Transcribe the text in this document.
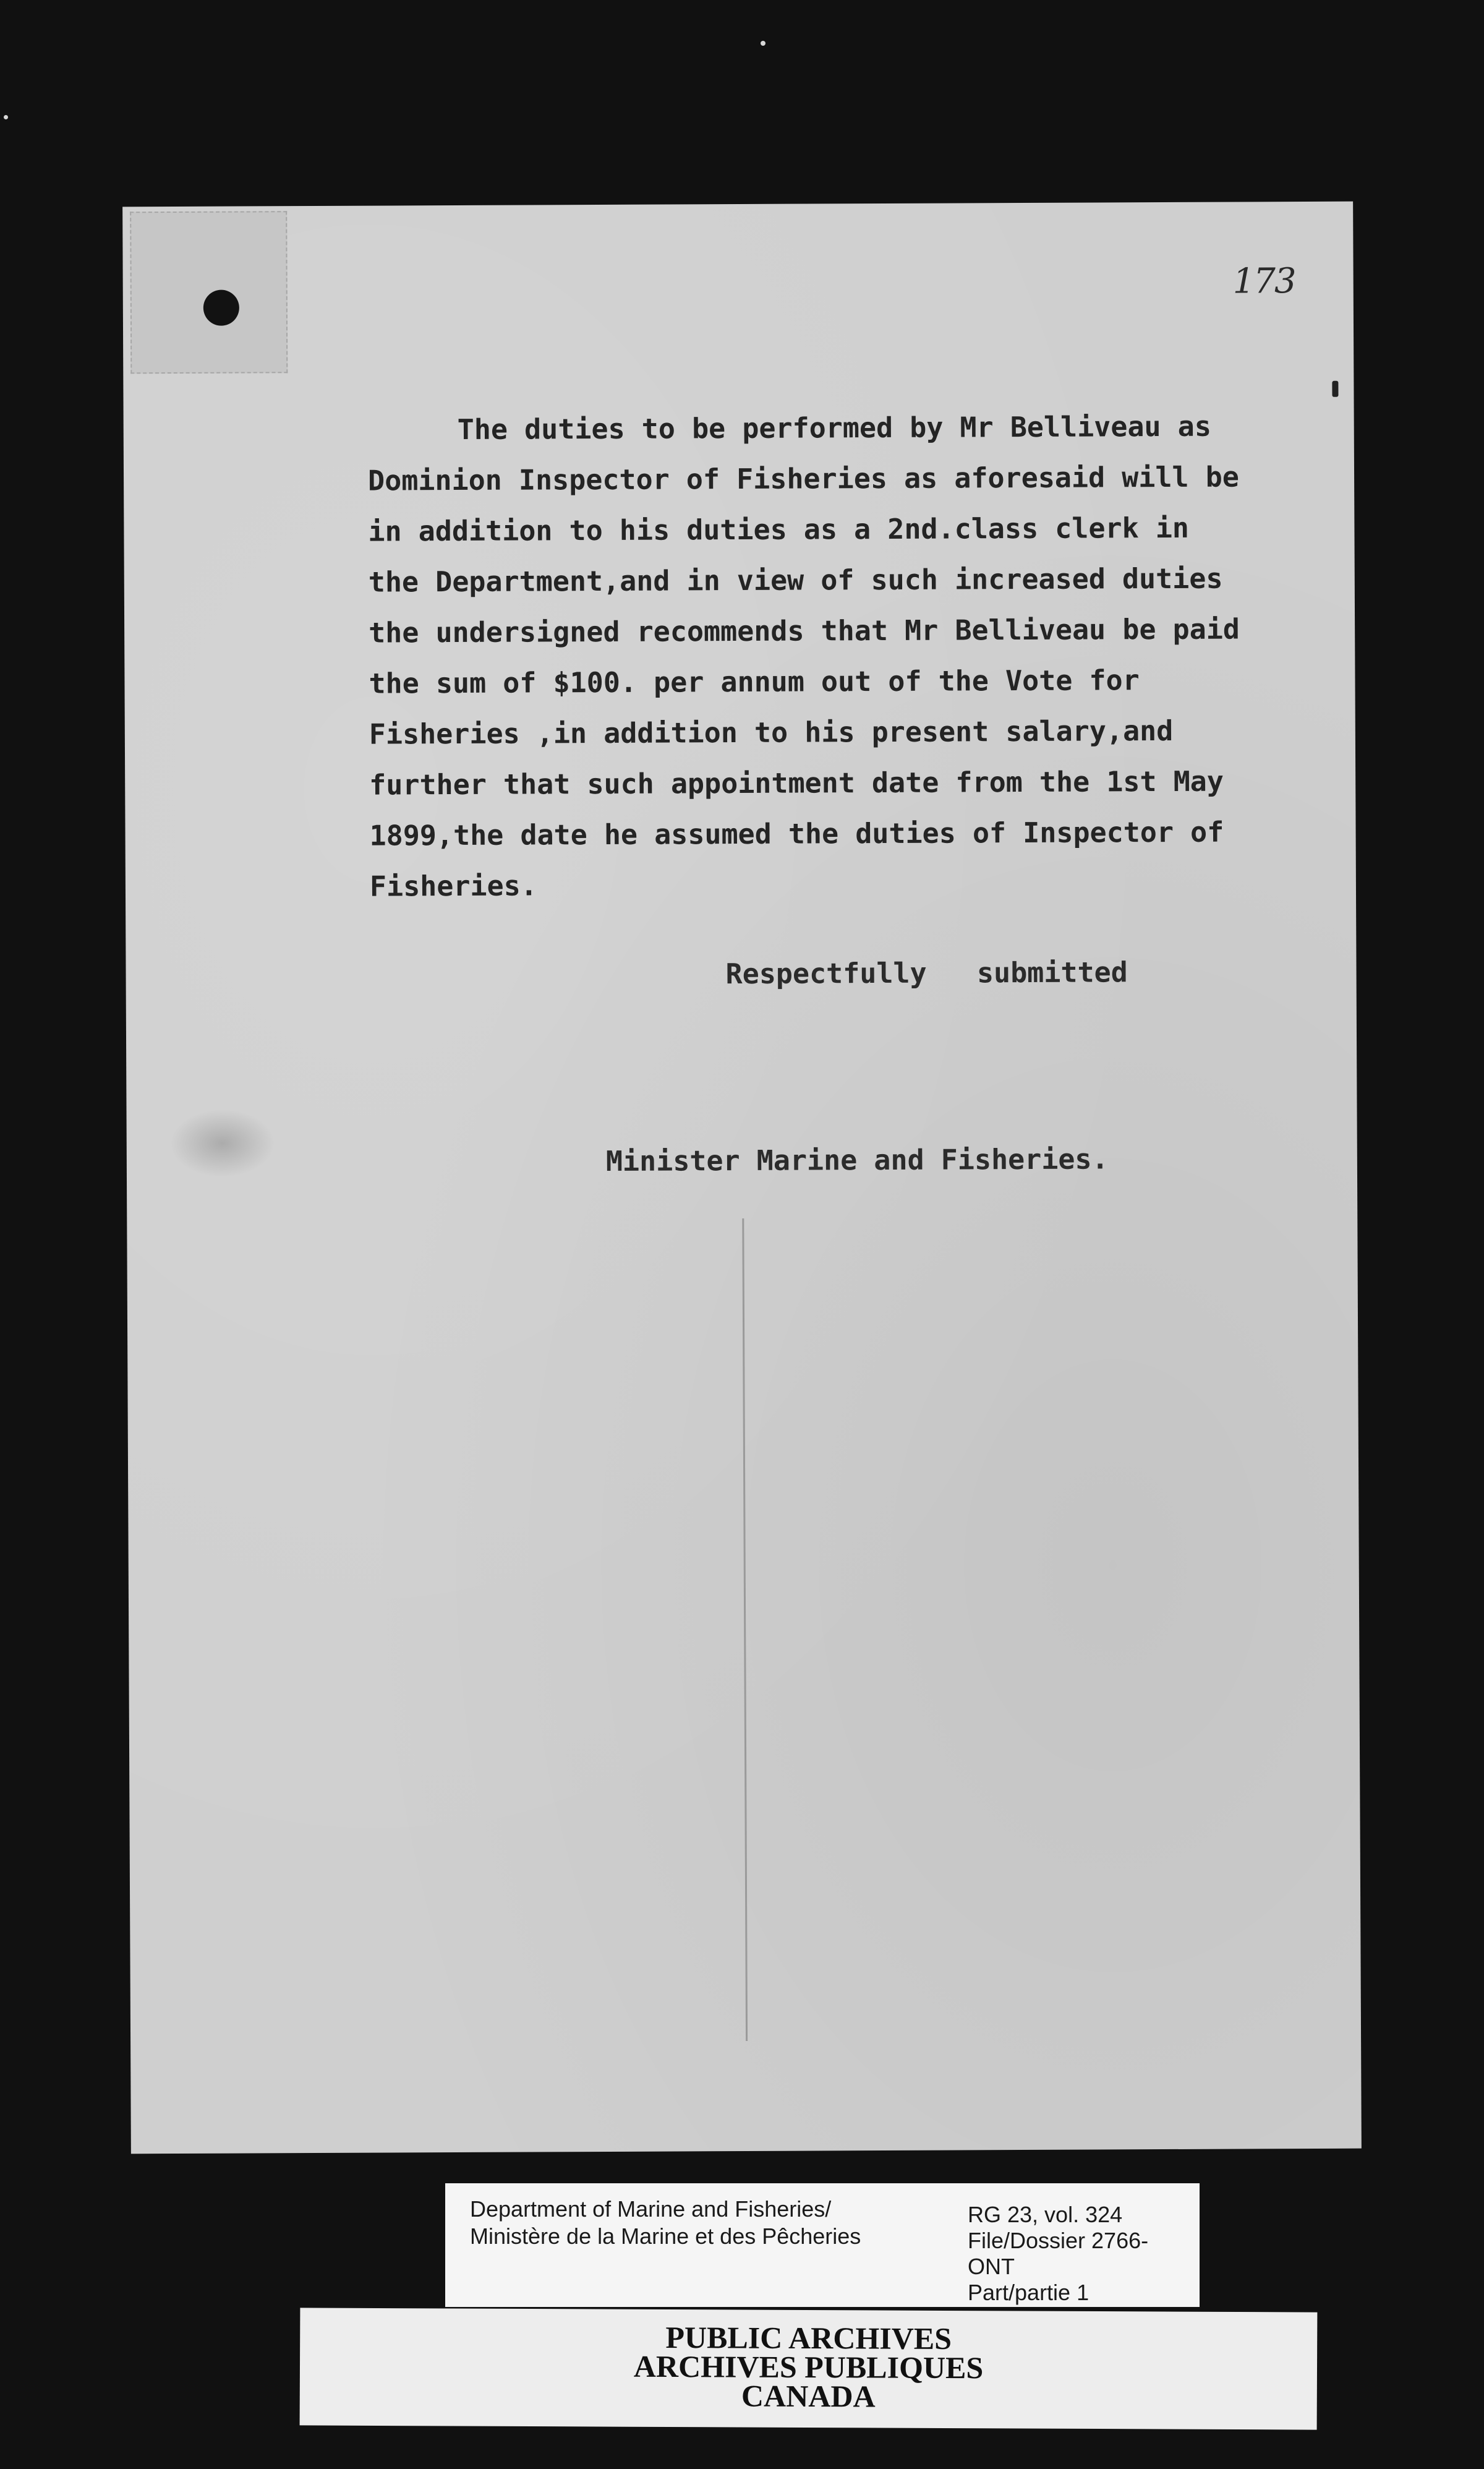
173
The duties to be performed by Mr Belliveau as
Dominion Inspector of Fisheries as aforesaid will be
in addition to his duties as a 2nd.class clerk in
the Department,and in view of such increased duties
the undersigned recommends that Mr Belliveau be paid
the sum of $100. per annum out of the Vote for
Fisheries ,in addition to his present salary,and
further that such appointment date from the 1st May
1899,the date he assumed the duties of Inspector of
Fisheries.
Respectfully   submitted
Minister Marine and Fisheries.
Department of Marine and Fisheries/
Ministère de la Marine et des Pêcheries
RG 23, vol. 324
File/Dossier 2766-
ONT
Part/partie 1
PUBLIC ARCHIVES
ARCHIVES PUBLIQUES
CANADA
